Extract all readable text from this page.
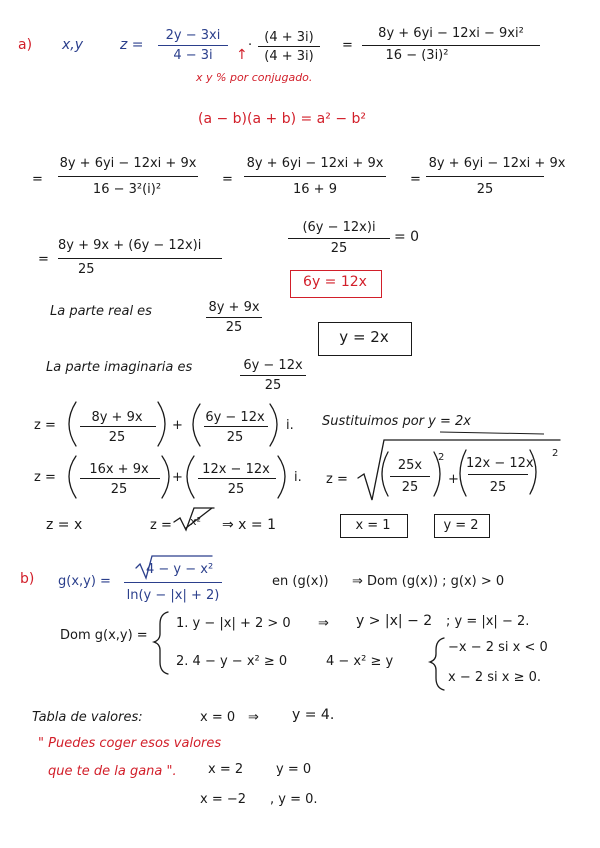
a) x,y	z =
2y − 3xi
4 − 3i	↑
·
(4 + 3i)
(4 + 3i)
=
8y + 6yi − 12xi − 9xi²
16 − (3i)²
x y % por conjugado.
(a − b)(a + b) = a² − b²
=
8y + 6yi − 12xi + 9x
16 − 3²(i)²
=
8y + 6yi − 12xi + 9x
16 + 9
=
8y + 6yi − 12xi + 9x
25
=
8y + 9x + (6y − 12x)i
25
(6y − 12x)i
25
= 0
6y = 12x
La parte real es	8y + 9x
25
y = 2x
La parte imaginaria es	6y − 12x
25
z =
8y + 9x
25
+
6y − 12x
25
i. Sustituimos por y = 2x
z =
16x + 9x
25
+
12x − 12x
25
i. z =
25x
25
2
+
12x − 12x
25
2
z = x	z = x² ⇒ x = 1	x = 1	y = 2
b) g(x,y) =
4 − y − x²
ln(y − |x| + 2)
en (g(x)) ⇒ Dom (g(x)) ; g(x) > 0
Dom g(x,y) =
1. y − |x| + 2 > 0 ⇒ y > |x| − 2 ; y = |x| − 2.
2. 4 − y − x² ≥ 0	4 − x² ≥ y
−x − 2 si x < 0
x − 2 si x ≥ 0.
Tabla de valores:
" Puedes coger esos valores
que te de la gana ".
x = 0 ⇒ y = 4.
x = 2	y = 0
x = −2 , y = 0.
